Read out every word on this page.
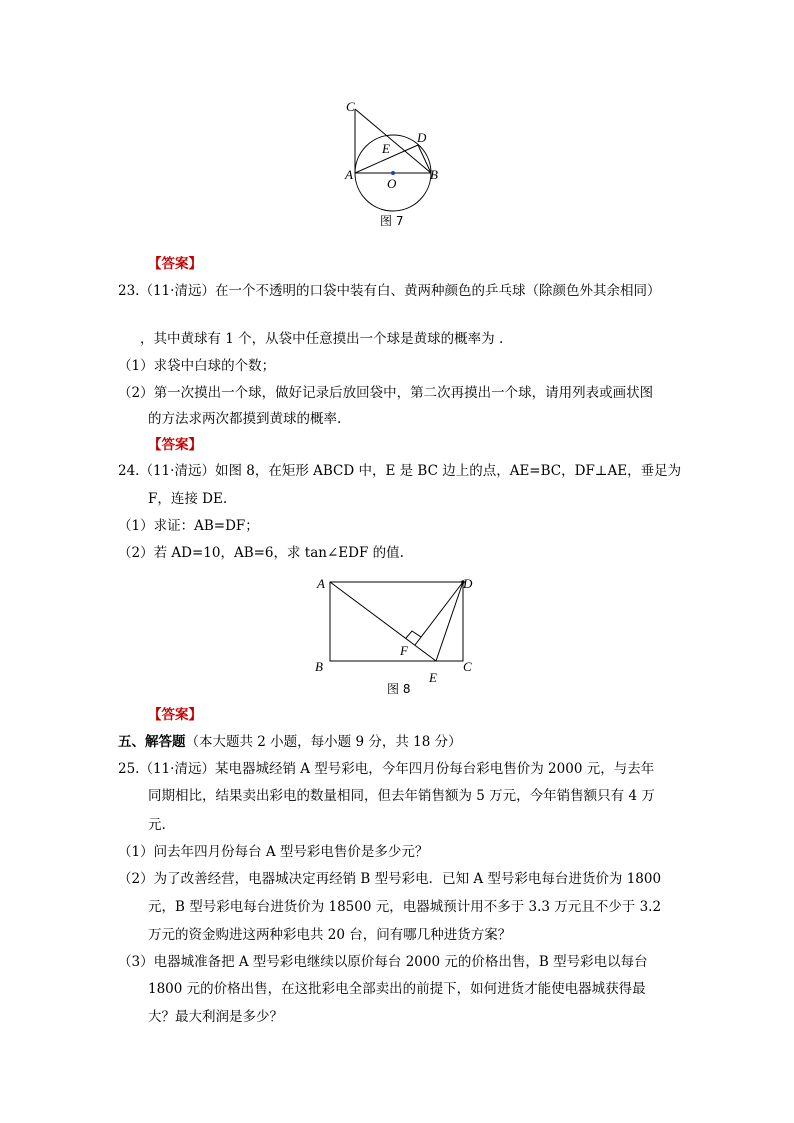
C
D
E
A
O
B
图 7
【答案】
23.（11·清远）在一个不透明的口袋中装有白、黄两种颜色的乒乓球（除颜色外其余相同）
，其中黄球有 1 个，从袋中任意摸出一个球是黄球的概率为 .
（1）求袋中白球的个数；
（2）第一次摸出一个球，做好记录后放回袋中，第二次再摸出一个球，请用列表或画状图
的方法求两次都摸到黄球的概率.
【答案】
24.（11·清远）如图 8，在矩形 ABCD 中，E 是 BC 边上的点，AE=BC，DF⊥AE，垂足为
F，连接 DE.
（1）求证：AB=DF；
（2）若 AD=10，AB=6，求 tan∠EDF 的值.
A	D
F
B	C
E
图 8
【答案】
五、解答题（本大题共 2 小题，每小题 9 分，共 18 分）
25.（11·清远）某电器城经销 A 型号彩电，今年四月份每台彩电售价为 2000 元，与去年
同期相比，结果卖出彩电的数量相同，但去年销售额为 5 万元，今年销售额只有 4 万
元.
（1）问去年四月份每台 A 型号彩电售价是多少元？
（2）为了改善经营，电器城决定再经销 B 型号彩电．已知 A 型号彩电每台进货价为 1800
元，B 型号彩电每台进货价为 18500 元，电器城预计用不多于 3.3 万元且不少于 3.2
万元的资金购进这两种彩电共 20 台，问有哪几种进货方案？
（3）电器城准备把 A 型号彩电继续以原价每台 2000 元的价格出售，B 型号彩电以每台
1800 元的价格出售，在这批彩电全部卖出的前提下，如何进货才能使电器城获得最
大？最大利润是多少？
